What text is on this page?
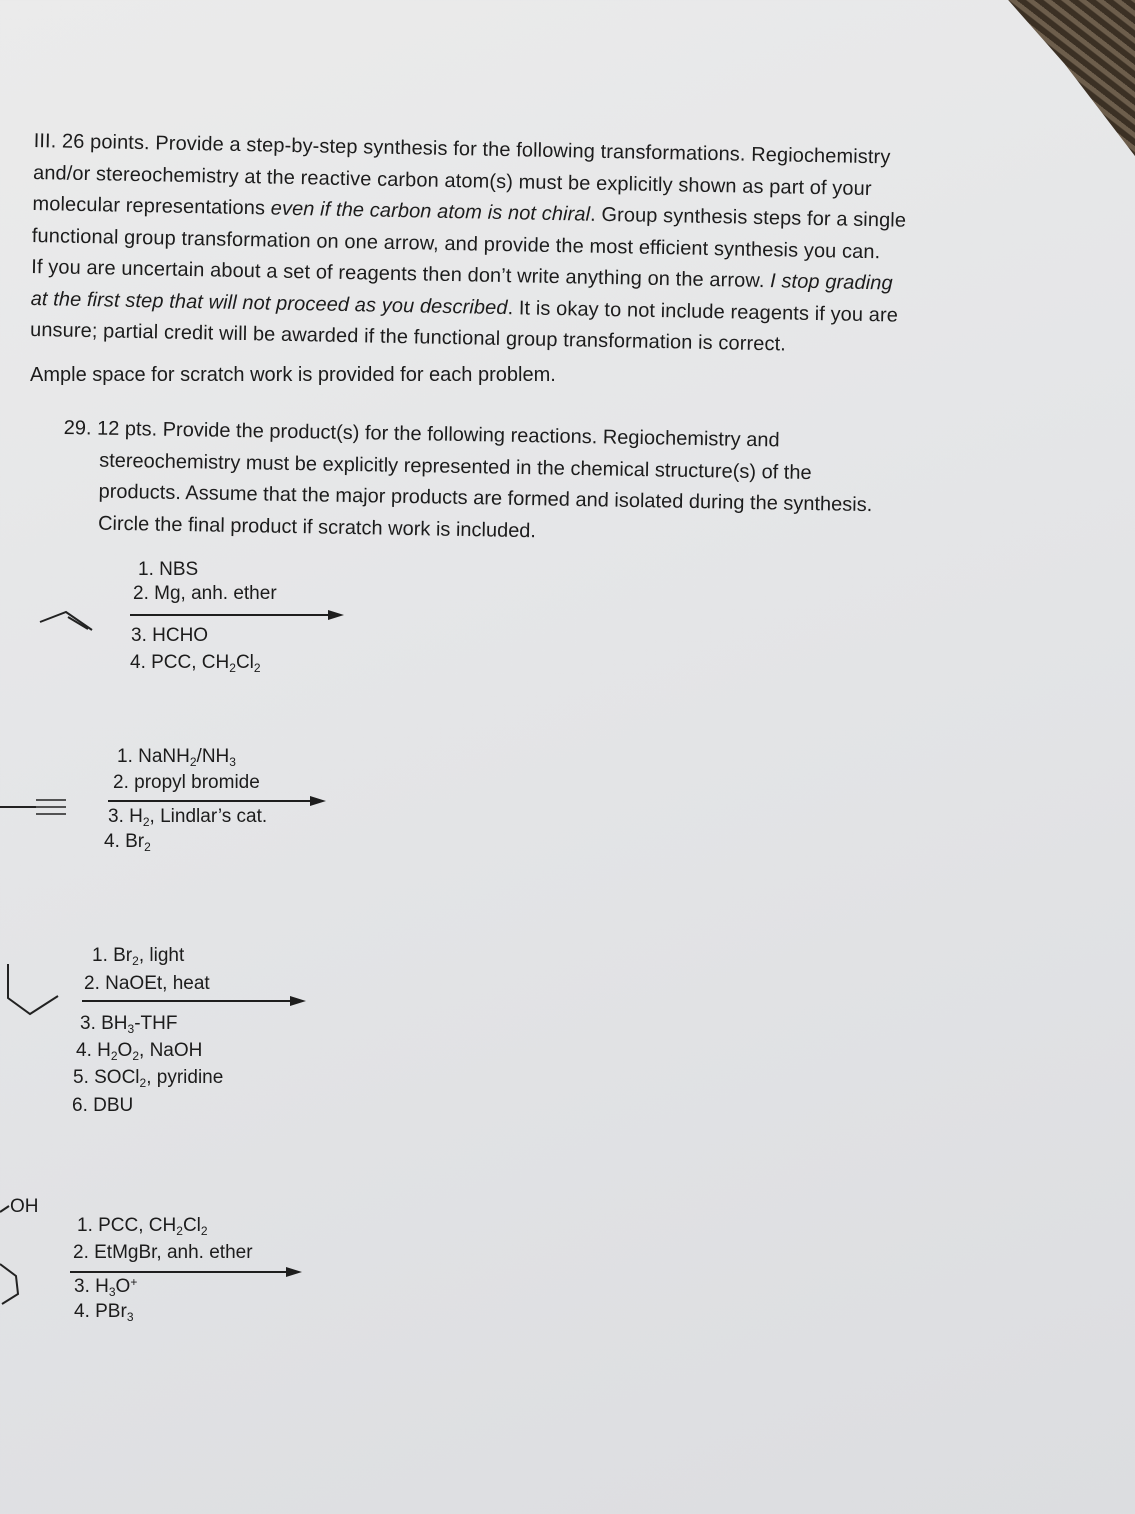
III. 26 points. Provide a step-by-step synthesis for the following transformations. Regiochemistry

and/or stereochemistry at the reactive carbon atom(s) must be explicitly shown as part of your

molecular representations even if the carbon atom is not chiral. Group synthesis steps for a single

functional group transformation on one arrow, and provide the most efficient synthesis you can.

If you are uncertain about a set of reagents then don’t write anything on the arrow. I stop grading

at the first step that will not proceed as you described. It is okay to not include reagents if you are

unsure; partial credit will be awarded if the functional group transformation is correct.

Ample space for scratch work is provided for each problem.
29. 12 pts. Provide the product(s) for the following reactions. Regiochemistry and
stereochemistry must be explicitly represented in the chemical structure(s) of the
products. Assume that the major products are formed and isolated during the synthesis.
Circle the final product if scratch work is included.
1. NBS
2. Mg, anh. ether
3. HCHO
4. PCC, $CH_2Cl_2$
1. $NaNH_2/NH_3$
2. propyl bromide
3. $H_2$, Lindlar’s cat.
4. $Br_2$
1. $Br_2$, light
2. NaOEt, heat
3. $BH_3$-THF
4. $H_2O_2$, NaOH
5. SOCl$_2$, pyridine
6. DBU
OH
1. PCC, $CH_2Cl_2$
2. EtMgBr, anh. ether
3. $H_3O^+$
4. PBr$_3$
